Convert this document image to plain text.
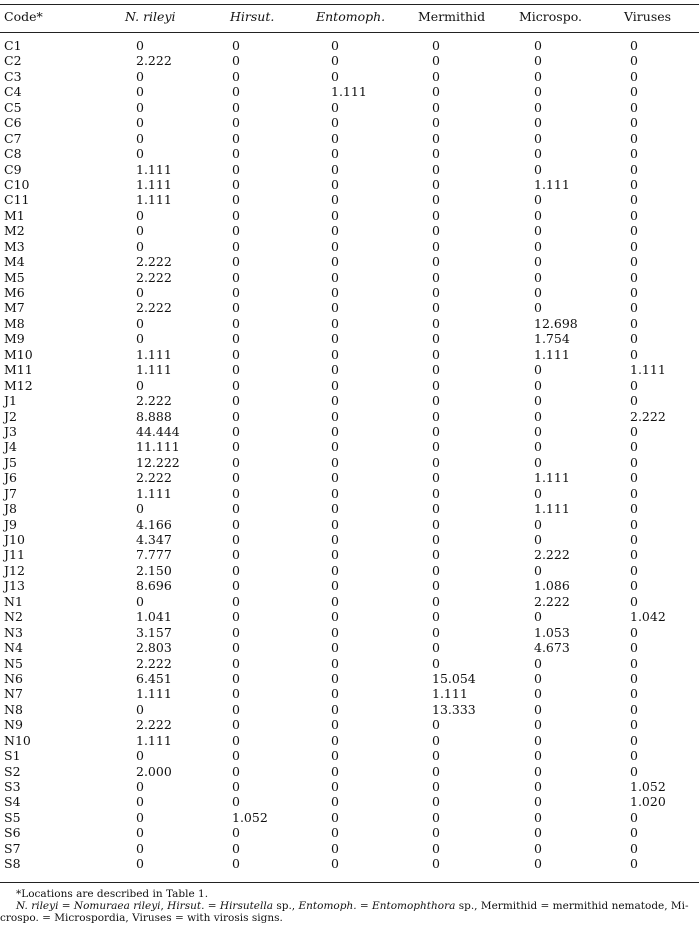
Code*	N. rileyi	Hirsut.	Entomoph.	Mermithid	Microspo.	Viruses
C1	0	0	0	0	0	0
C2	2.222	0	0	0	0	0
C3	0	0	0	0	0	0
C4	0	0	1.111	0	0	0
C5	0	0	0	0	0	0
C6	0	0	0	0	0	0
C7	0	0	0	0	0	0
C8	0	0	0	0	0	0
C9	1.111	0	0	0	0	0
C10	1.111	0	0	0	1.111	0
C11	1.111	0	0	0	0	0
M1	0	0	0	0	0	0
M2	0	0	0	0	0	0
M3	0	0	0	0	0	0
M4	2.222	0	0	0	0	0
M5	2.222	0	0	0	0	0
M6	0	0	0	0	0	0
M7	2.222	0	0	0	0	0
M8	0	0	0	0	12.698	0
M9	0	0	0	0	1.754	0
M10	1.111	0	0	0	1.111	0
M11	1.111	0	0	0	0	1.111
M12	0	0	0	0	0	0
J1	2.222	0	0	0	0	0
J2	8.888	0	0	0	0	2.222
J3	44.444	0	0	0	0	0
J4	11.111	0	0	0	0	0
J5	12.222	0	0	0	0	0
J6	2.222	0	0	0	1.111	0
J7	1.111	0	0	0	0	0
J8	0	0	0	0	1.111	0
J9	4.166	0	0	0	0	0
J10	4.347	0	0	0	0	0
J11	7.777	0	0	0	2.222	0
J12	2.150	0	0	0	0	0
J13	8.696	0	0	0	1.086	0
N1	0	0	0	0	2.222	0
N2	1.041	0	0	0	0	1.042
N3	3.157	0	0	0	1.053	0
N4	2.803	0	0	0	4.673	0
N5	2.222	0	0	0	0	0
N6	6.451	0	0	15.054	0	0
N7	1.111	0	0	1.111	0	0
N8	0	0	0	13.333	0	0
N9	2.222	0	0	0	0	0
N10	1.111	0	0	0	0	0
S1	0	0	0	0	0	0
S2	2.000	0	0	0	0	0
S3	0	0	0	0	0	1.052
S4	0	0	0	0	0	1.020
S5	0	1.052	0	0	0	0
S6	0	0	0	0	0	0
S7	0	0	0	0	0	0
S8	0	0	0	0	0	0
*Locations are described in Table 1.
N. rileyi = Nomuraea rileyi, Hirsut. = Hirsutella sp., Entomoph. = Entomophthora sp., Mermithid = mermithid nematode, Mi-
crospo. = Microspordia, Viruses = with virosis signs.
